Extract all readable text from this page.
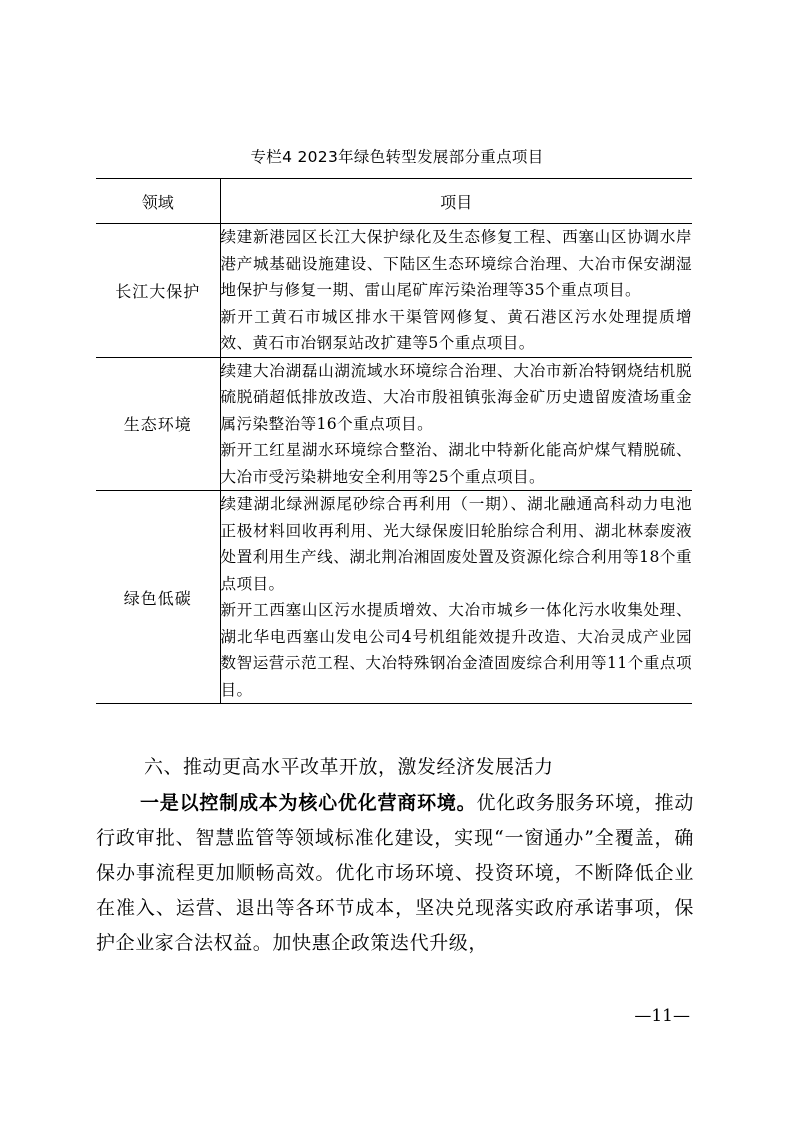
专栏4 2023年绿色转型发展部分重点项目
领域	项目
长江大保护	续建新港园区长江大保护绿化及生态修复工程、西塞山区协调水岸港产城基础设施建设、下陆区生态环境综合治理、大冶市保安湖湿地保护与修复一期、雷山尾矿库污染治理等35个重点项目。

新开工黄石市城区排水干渠管网修复、黄石港区污水处理提质增效、黄石市冶钢泵站改扩建等5个重点项目。

生态环境	续建大冶湖磊山湖流域水环境综合治理、大冶市新冶特钢烧结机脱硫脱硝超低排放改造、大冶市殷祖镇张海金矿历史遗留废渣场重金属污染整治等16个重点项目。

新开工红星湖水环境综合整治、湖北中特新化能高炉煤气精脱硫、大冶市受污染耕地安全利用等25个重点项目。

绿色低碳	续建湖北绿洲源尾砂综合再利用（一期）、湖北融通高科动力电池正极材料回收再利用、光大绿保废旧轮胎综合利用、湖北林泰废液处置利用生产线、湖北荆冶湘固废处置及资源化综合利用等18个重点项目。

新开工西塞山区污水提质增效、大冶市城乡一体化污水收集处理、湖北华电西塞山发电公司4号机组能效提升改造、大冶灵成产业园数智运营示范工程、大冶特殊钢冶金渣固废综合利用等11个重点项目。

六、推动更高水平改革开放，激发经济发展活力

一是以控制成本为核心优化营商环境。优化政务服务环境，推动行政审批、智慧监管等领域标准化建设，实现“一窗通办”全覆盖，确保办事流程更加顺畅高效。优化市场环境、投资环境，不断降低企业在准入、运营、退出等各环节成本，坚决兑现落实政府承诺事项，保护企业家合法权益。加快惠企政策迭代升级，

—11—
